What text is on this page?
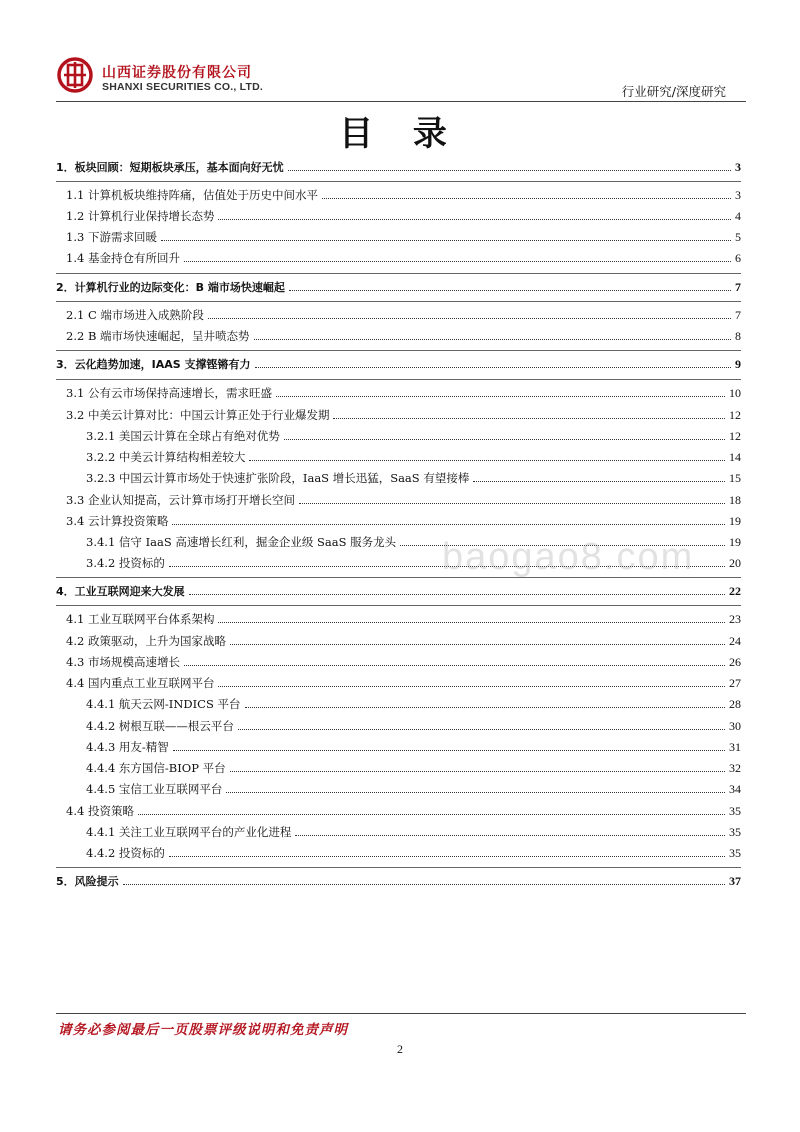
山西证券股份有限公司
SHANXI SECURITIES CO., LTD.	行业研究/深度研究
目 录
1．板块回顾：短期板块承压，基本面向好无忧	3
1.1 计算机板块维持阵痛，估值处于历史中间水平	3
1.2 计算机行业保持增长态势	4
1.3 下游需求回暖	5
1.4 基金持仓有所回升	6
2．计算机行业的边际变化：B 端市场快速崛起	7
2.1 C 端市场进入成熟阶段	7
2.2 B 端市场快速崛起，呈井喷态势	8
3．云化趋势加速，IAAS 支撑铿锵有力	9
3.1 公有云市场保持高速增长，需求旺盛	10
3.2 中美云计算对比：中国云计算正处于行业爆发期	12
3.2.1 美国云计算在全球占有绝对优势	12
3.2.2 中美云计算结构相差较大	14
3.2.3 中国云计算市场处于快速扩张阶段，IaaS 增长迅猛，SaaS 有望接棒	15
3.3 企业认知提高，云计算市场打开增长空间	18
3.4 云计算投资策略	19
3.4.1 信守 IaaS 高速增长红利，掘金企业级 SaaS 服务龙头	19
3.4.2 投资标的	20
4．工业互联网迎来大发展	22
4.1 工业互联网平台体系架构	23
4.2 政策驱动，上升为国家战略	24
4.3 市场规模高速增长	26
4.4 国内重点工业互联网平台	27
4.4.1 航天云网-INDICS 平台	28
4.4.2 树根互联——根云平台	30
4.4.3 用友-精智	31
4.4.4 东方国信-BIOP 平台	32
4.4.5 宝信工业互联网平台	34
4.4 投资策略	35
4.4.1 关注工业互联网平台的产业化进程	35
4.4.2 投资标的	35
5．风险提示	37
baogao8.com
请务必参阅最后一页股票评级说明和免责声明
2
